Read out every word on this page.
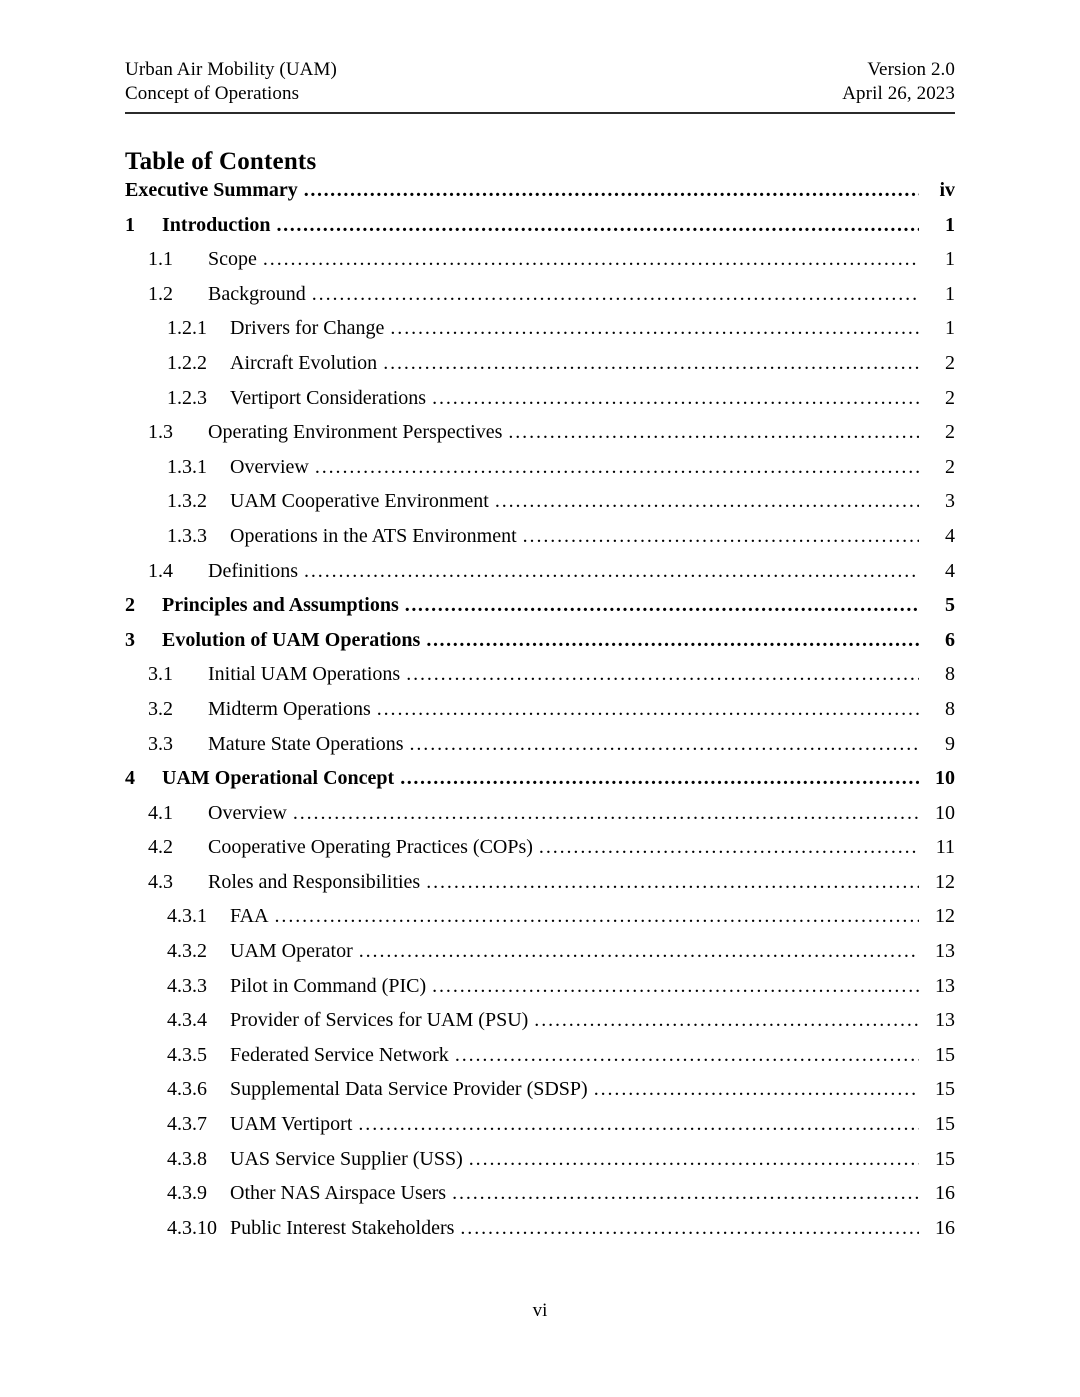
Urban Air Mobility (UAM)
Concept of Operations
Version 2.0
April 26, 2023
Table of Contents
Executive Summary .....	iv
1	Introduction .....	1
1.1	Scope .....	1
1.2	Background .....	1
1.2.1	Drivers for Change .....	1
1.2.2	Aircraft Evolution .....	2
1.2.3	Vertiport Considerations .....	2
1.3	Operating Environment Perspectives .....	2
1.3.1	Overview .....	2
1.3.2	UAM Cooperative Environment .....	3
1.3.3	Operations in the ATS Environment .....	4
1.4	Definitions .....	4
2	Principles and Assumptions .....	5
3	Evolution of UAM Operations .....	6
3.1	Initial UAM Operations .....	8
3.2	Midterm Operations .....	8
3.3	Mature State Operations .....	9
4	UAM Operational Concept .....	10
4.1	Overview .....	10
4.2	Cooperative Operating Practices (COPs) .....	11
4.3	Roles and Responsibilities .....	12
4.3.1	FAA .....	12
4.3.2	UAM Operator .....	13
4.3.3	Pilot in Command (PIC) .....	13
4.3.4	Provider of Services for UAM (PSU) .....	13
4.3.5	Federated Service Network .....	15
4.3.6	Supplemental Data Service Provider (SDSP) .....	15
4.3.7	UAM Vertiport .....	15
4.3.8	UAS Service Supplier (USS) .....	15
4.3.9	Other NAS Airspace Users .....	16
4.3.10 Public Interest Stakeholders .....	16
vi
